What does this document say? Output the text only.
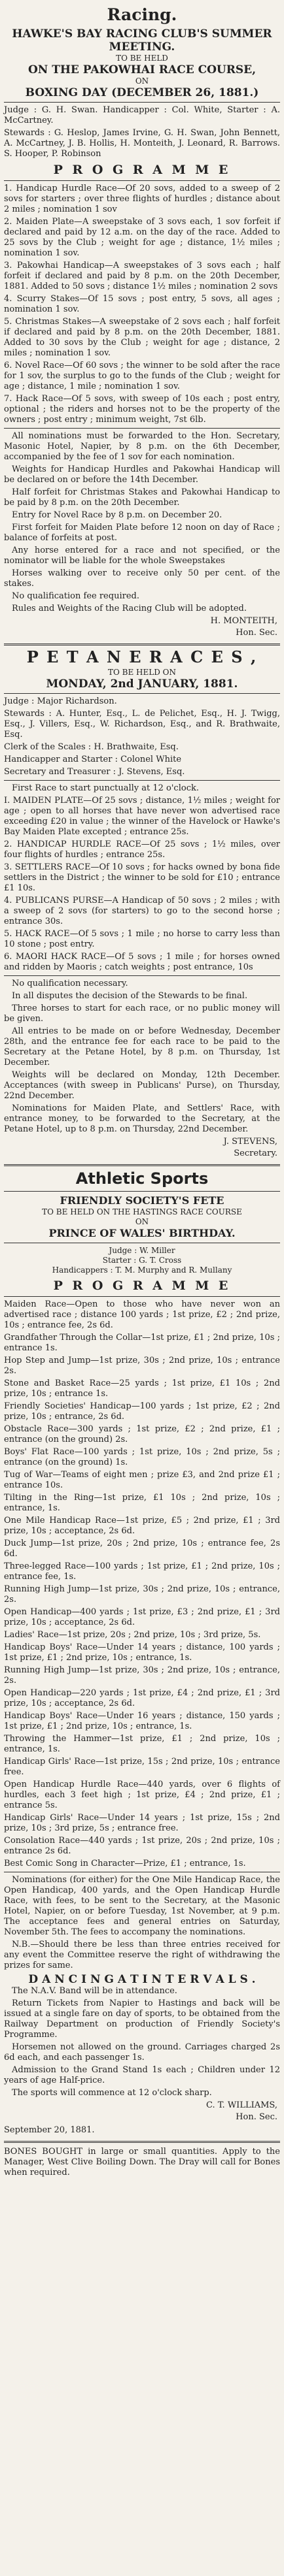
Racing.
HAWKE'S BAY RACING CLUB'S SUMMER MEETING.
TO BE HELD
ON THE PAKOWHAI RACE COURSE,
ON
BOXING DAY (DECEMBER 26, 1881.)

Judge : G. H. Swan. Handicapper : Col. White, Starter : A. McCartney.

Stewards : G. Heslop, James Irvine, G. H. Swan, John Bennett, A. McCartney, J. B. Hollis, H. Monteith, J. Leonard, R. Barrows. S. Hooper, P. Robinson

P R O G R A M M E

1. Handicap Hurdle Race—Of 20 sovs, added to a sweep of 2 sovs for starters ; over three flights of hurdles ; distance about 2 miles ; nomination 1 sov

2. Maiden Plate—A sweepstake of 3 sovs each, 1 sov forfeit if declared and paid by 12 a.m. on the day of the race. Added to 25 sovs by the Club ; weight for age ; distance, 1½ miles ; nomination 1 sov.

3. Pakowhai Handicap—A sweepstakes of 3 sovs each ; half forfeit if declared and paid by 8 p.m. on the 20th December, 1881. Added to 50 sovs ; distance 1½ miles ; nomination 2 sovs

4. Scurry Stakes—Of 15 sovs ; post entry, 5 sovs, all ages ; nomination 1 sov.

5. Christmas Stakes—A sweepstake of 2 sovs each ; half forfeit if declared and paid by 8 p.m. on the 20th December, 1881. Added to 30 sovs by the Club ; weight for age ; distance, 2 miles ; nomination 1 sov.

6. Novel Race—Of 60 sovs ; the winner to be sold after the race for 1 sov, the surplus to go to the funds of the Club ; weight for age ; distance, 1 mile ; nomination 1 sov.

7. Hack Race—Of 5 sovs, with sweep of 10s each ; post entry, optional ; the riders and horses not to be the property of the owners ; post entry ; minimum weight, 7st 6lb.

All nominations must be forwarded to the Hon. Secretary, Masonic Hotel, Napier, by 8 p.m. on the 6th December, accompanied by the fee of 1 sov for each nomination.

Weights for Handicap Hurdles and Pakowhai Handicap will be declared on or before the 14th December.

Half forfeit for Christmas Stakes and Pakowhai Handicap to be paid by 8 p.m. on the 20th December.

Entry for Novel Race by 8 p.m. on December 20.

First forfeit for Maiden Plate before 12 noon on day of Race ; balance of forfeits at post.

Any horse entered for a race and not specified, or the nominator will be liable for the whole Sweepstakes

Horses walking over to receive only 50 per cent. of the stakes.

No qualification fee required.

Rules and Weights of the Racing Club will be adopted.

H. MONTEITH,
Hon. Sec.
P E T A N E R A C E S ,
TO BE HELD ON
MONDAY, 2nd JANUARY, 1881.

Judge : Major Richardson.

Stewards : A. Hunter, Esq., L. de Pelichet, Esq., H. J. Twigg, Esq., J. Villers, Esq., W. Richardson, Esq., and R. Brathwaite, Esq.

Clerk of the Scales : H. Brathwaite, Esq.

Handicapper and Starter : Colonel White

Secretary and Treasurer : J. Stevens, Esq.

First Race to start punctually at 12 o'clock.

I. MAIDEN PLATE—Of 25 sovs ; distance, 1½ miles ; weight for age ; open to all horses that have never won advertised race exceeding £20 in value ; the winner of the Havelock or Hawke's Bay Maiden Plate excepted ; entrance 25s.

2. HANDICAP HURDLE RACE—Of 25 sovs ; 1½ miles, over four flights of hurdles ; entrance 25s.

3. SETTLERS RACE—Of 10 sovs ; for hacks owned by bona fide settlers in the District ; the winner to be sold for £10 ; entrance £1 10s.

4. PUBLICANS PURSE—A Handicap of 50 sovs ; 2 miles ; with a sweep of 2 sovs (for starters) to go to the second horse ; entrance 30s.

5. HACK RACE—Of 5 sovs ; 1 mile ; no horse to carry less than 10 stone ; post entry.

6. MAORI HACK RACE—Of 5 sovs ; 1 mile ; for horses owned and ridden by Maoris ; catch weights ; post entrance, 10s

No qualification necessary.

In all disputes the decision of the Stewards to be final.

Three horses to start for each race, or no public money will be given.

All entries to be made on or before Wednesday, December 28th, and the entrance fee for each race to be paid to the Secretary at the Petane Hotel, by 8 p.m. on Thursday, 1st December.

Weights will be declared on Monday, 12th December. Acceptances (with sweep in Publicans' Purse), on Thursday, 22nd December.

Nominations for Maiden Plate, and Settlers' Race, with entrance money, to be forwarded to the Secretary, at the Petane Hotel, up to 8 p.m. on Thursday, 22nd December.

J. STEVENS,
Secretary.
Athletic Sports
FRIENDLY SOCIETY'S FETE
TO BE HELD ON THE HASTINGS RACE COURSE
ON
PRINCE OF WALES' BIRTHDAY.
Judge : W. Miller
Starter : G. T. Cross
Handicappers : T. M. Murphy and R. Mullany
P R O G R A M M E

Maiden Race—Open to those who have never won an advertised race ; distance 100 yards ; 1st prize, £2 ; 2nd prize, 10s ; entrance fee, 2s 6d.

Grandfather Through the Collar—1st prize, £1 ; 2nd prize, 10s ; entrance 1s.

Hop Step and Jump—1st prize, 30s ; 2nd prize, 10s ; entrance 2s.

Stone and Basket Race—25 yards ; 1st prize, £1 10s ; 2nd prize, 10s ; entrance 1s.

Friendly Societies' Handicap—100 yards ; 1st prize, £2 ; 2nd prize, 10s ; entrance, 2s 6d.

Obstacle Race—300 yards ; 1st prize, £2 ; 2nd prize, £1 ; entrance (on the ground) 2s.

Boys' Flat Race—100 yards ; 1st prize, 10s ; 2nd prize, 5s ; entrance (on the ground) 1s.

Tug of War—Teams of eight men ; prize £3, and 2nd prize £1 ; entrance 10s.

Tilting in the Ring—1st prize, £1 10s ; 2nd prize, 10s ; entrance, 1s.

One Mile Handicap Race—1st prize, £5 ; 2nd prize, £1 ; 3rd prize, 10s ; acceptance, 2s 6d.

Duck Jump—1st prize, 20s ; 2nd prize, 10s ; entrance fee, 2s 6d.

Three-legged Race—100 yards ; 1st prize, £1 ; 2nd prize, 10s ; entrance fee, 1s.

Running High Jump—1st prize, 30s ; 2nd prize, 10s ; entrance, 2s.

Open Handicap—400 yards ; 1st prize, £3 ; 2nd prize, £1 ; 3rd prize, 10s ; acceptance, 2s 6d.

Ladies' Race—1st prize, 20s ; 2nd prize, 10s ; 3rd prize, 5s.

Handicap Boys' Race—Under 14 years ; distance, 100 yards ; 1st prize, £1 ; 2nd prize, 10s ; entrance, 1s.

Running High Jump—1st prize, 30s ; 2nd prize, 10s ; entrance, 2s.

Open Handicap—220 yards ; 1st prize, £4 ; 2nd prize, £1 ; 3rd prize, 10s ; acceptance, 2s 6d.

Handicap Boys' Race—Under 16 years ; distance, 150 yards ; 1st prize, £1 ; 2nd prize, 10s ; entrance, 1s.

Throwing the Hammer—1st prize, £1 ; 2nd prize, 10s ; entrance, 1s.

Handicap Girls' Race—1st prize, 15s ; 2nd prize, 10s ; entrance free.

Open Handicap Hurdle Race—440 yards, over 6 flights of hurdles, each 3 feet high ; 1st prize, £4 ; 2nd prize, £1 ; entrance 5s.

Handicap Girls' Race—Under 14 years ; 1st prize, 15s ; 2nd prize, 10s ; 3rd prize, 5s ; entrance free.

Consolation Race—440 yards ; 1st prize, 20s ; 2nd prize, 10s ; entrance 2s 6d.

Best Comic Song in Character—Prize, £1 ; entrance, 1s.

Nominations (for either) for the One Mile Handicap Race, the Open Handicap, 400 yards, and the Open Handicap Hurdle Race, with fees, to be sent to the Secretary, at the Masonic Hotel, Napier, on or before Tuesday, 1st November, at 9 p.m. The acceptance fees and general entries on Saturday, November 5th. The fees to accompany the nominations.

N.B.—Should there be less than three entries received for any event the Committee reserve the right of withdrawing the prizes for same.

D A N C I N G A T I N T E R V A L S .

The N.A.V. Band will be in attendance.

Return Tickets from Napier to Hastings and back will be issued at a single fare on day of sports, to be obtained from the Railway Department on production of Friendly Society's Programme.

Horsemen not allowed on the ground. Carriages charged 2s 6d each, and each passenger 1s.

Admission to the Grand Stand 1s each ; Children under 12 years of age Half-price.

The sports will commence at 12 o'clock sharp.

C. T. WILLIAMS,
Hon. Sec.

September 20, 1881.

BONES BOUGHT in large or small quantities. Apply to the Manager, West Clive Boiling Down. The Dray will call for Bones when required.
